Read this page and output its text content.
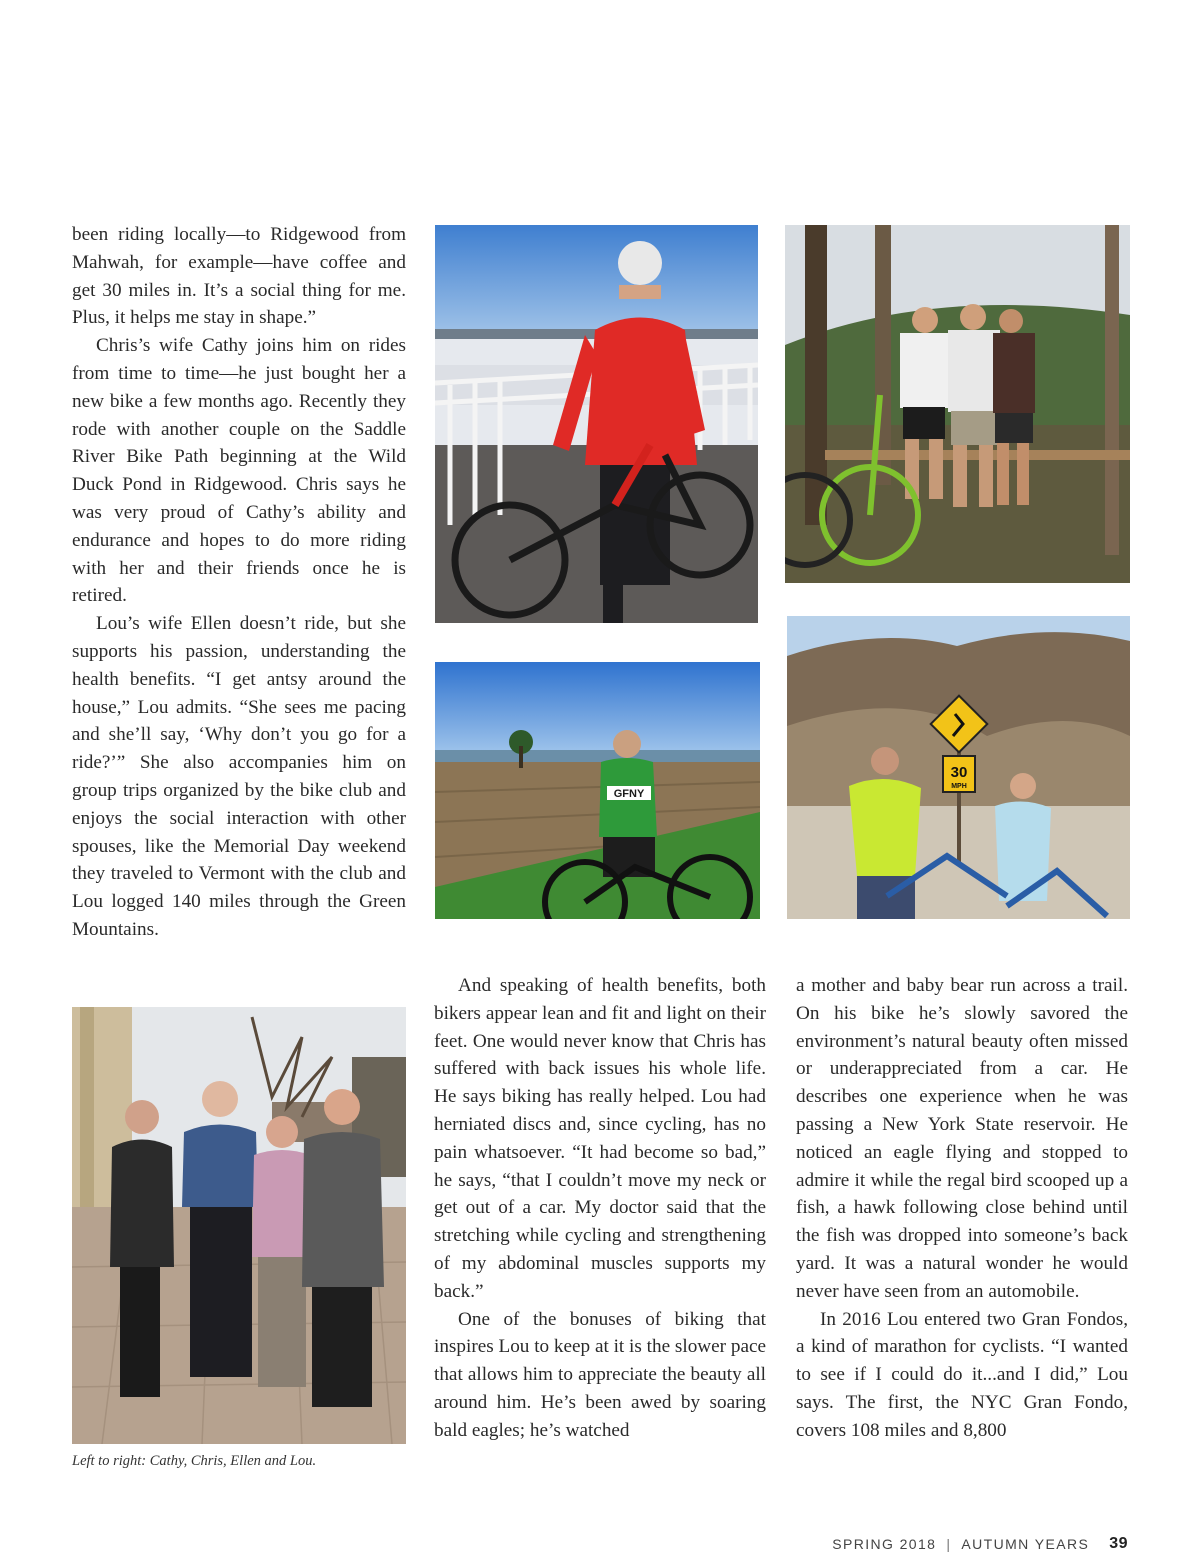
been riding locally—to Ridgewood from Mahwah, for example—have coffee and get 30 miles in. It’s a social thing for me. Plus, it helps me stay in shape.”

Chris’s wife Cathy joins him on rides from time to time—he just bought her a new bike a few months ago. Recently they rode with another couple on the Saddle River Bike Path beginning at the Wild Duck Pond in Ridgewood. Chris says he was very proud of Cathy’s ability and endurance and hopes to do more riding with her and their friends once he is retired.

Lou’s wife Ellen doesn’t ride, but she supports his passion, understanding the health benefits. “I get antsy around the house,” Lou admits. “She sees me pacing and she’ll say, ‘Why don’t you go for a ride?’” She also accompanies him on group trips organized by the bike club and enjoys the social interaction with other spouses, like the Memorial Day weekend they traveled to Vermont with the club and Lou logged 140 miles through the Green Mountains.

GFNY
30
MPH
Left to right: Cathy, Chris, Ellen and Lou.

And speaking of health benefits, both bikers appear lean and fit and light on their feet. One would never know that Chris has suffered with back issues his whole life. He says biking has really helped. Lou had herniated discs and, since cycling, has no pain whatsoever. “It had become so bad,” he says, “that I couldn’t move my neck or get out of a car. My doctor said that the stretching while cycling and strengthening of my abdominal muscles supports my back.”

One of the bonuses of biking that inspires Lou to keep at it is the slower pace that allows him to appreciate the beauty all around him. He’s been awed by soaring bald eagles; he’s watched

a mother and baby bear run across a trail. On his bike he’s slowly savored the environment’s natural beauty often missed or underappreciated from a car. He describes one experience when he was passing a New York State reservoir. He noticed an eagle flying and stopped to admire it while the regal bird scooped up a fish, a hawk following close behind until the fish was dropped into someone’s back yard. It was a natural wonder he would never have seen from an automobile.

In 2016 Lou entered two Gran Fondos, a kind of marathon for cyclists. “I wanted to see if I could do it...and I did,” Lou says. The first, the NYC Gran Fondo, covers 108 miles and 8,800

SPRING 2018 | AUTUMN YEARS 39
